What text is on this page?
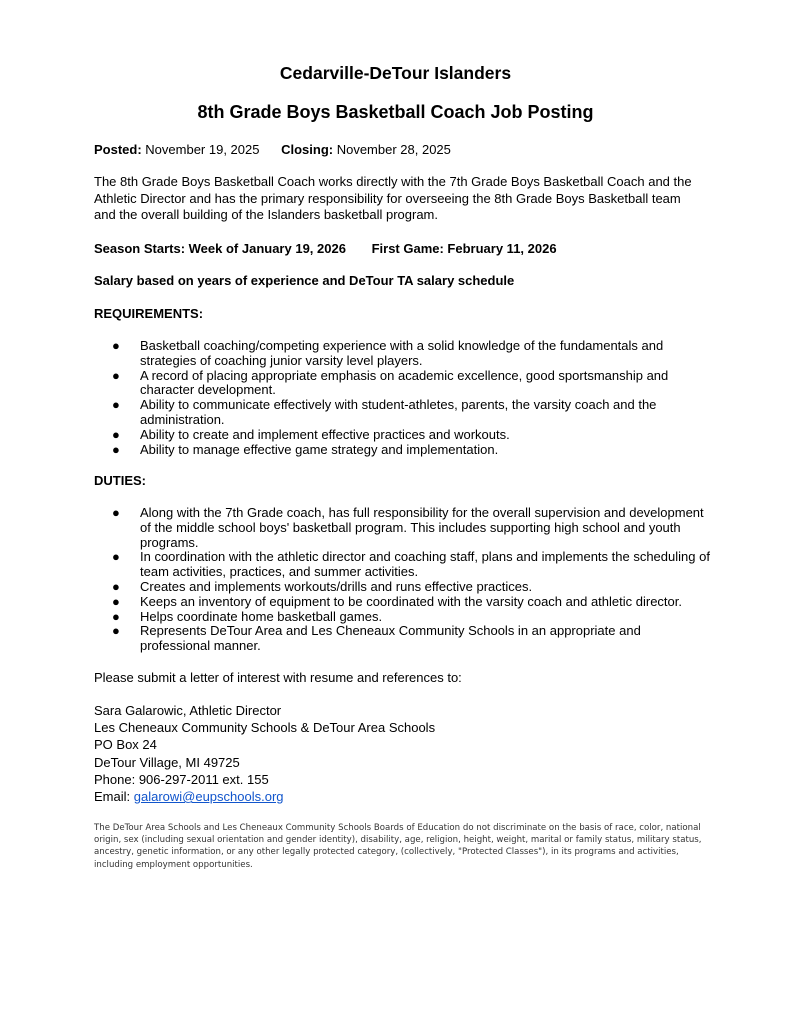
Cedarville-DeTour Islanders
8th Grade Boys Basketball Coach Job Posting
Posted: November 19, 2025 Closing: November 28, 2025
The 8th Grade Boys Basketball Coach works directly with the 7th Grade Boys Basketball Coach and the Athletic Director and has the primary responsibility for overseeing the 8th Grade Boys Basketball team and the overall building of the Islanders basketball program.
Season Starts: Week of January 19, 2026 First Game: February 11, 2026
Salary based on years of experience and DeTour TA salary schedule
REQUIREMENTS:
● Basketball coaching/competing experience with a solid knowledge of the fundamentals and strategies of coaching junior varsity level players.
● A record of placing appropriate emphasis on academic excellence, good sportsmanship and character development.
● Ability to communicate effectively with student-athletes, parents, the varsity coach and the administration.
● Ability to create and implement effective practices and workouts.
● Ability to manage effective game strategy and implementation.
DUTIES:
● Along with the 7th Grade coach, has full responsibility for the overall supervision and development of the middle school boys' basketball program. This includes supporting high school and youth programs.
● In coordination with the athletic director and coaching staff, plans and implements the scheduling of team activities, practices, and summer activities.
● Creates and implements workouts/drills and runs effective practices.
● Keeps an inventory of equipment to be coordinated with the varsity coach and athletic director.
● Helps coordinate home basketball games.
● Represents DeTour Area and Les Cheneaux Community Schools in an appropriate and professional manner.
Please submit a letter of interest with resume and references to:
Sara Galarowic, Athletic Director
Les Cheneaux Community Schools & DeTour Area Schools
PO Box 24
DeTour Village, MI 49725
Phone: 906-297-2011 ext. 155
Email: galarowi@eupschools.org
The DeTour Area Schools and Les Cheneaux Community Schools Boards of Education do not discriminate on the basis of race, color, national origin, sex (including sexual orientation and gender identity), disability, age, religion, height, weight, marital or family status, military status, ancestry, genetic information, or any other legally protected category, (collectively, "Protected Classes"), in its programs and activities, including employment opportunities.
